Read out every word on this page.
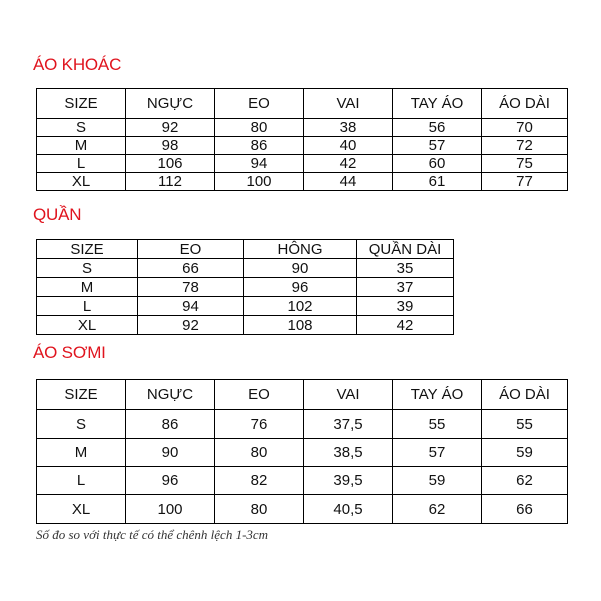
ÁO KHOÁC
SIZE	NGỰC	EO	VAI	TAY ÁO	ÁO DÀI
S	92	80	38	56	70
M	98	86	40	57	72
L	106	94	42	60	75
XL	112	100	44	61	77
QUẦN
SIZE	EO	HÔNG	QUẦN DÀI
S	66	90	35
M	78	96	37
L	94	102	39
XL	92	108	42
ÁO SƠMI
SIZE	NGỰC	EO	VAI	TAY ÁO	ÁO DÀI
S	86	76	37,5	55	55
M	90	80	38,5	57	59
L	96	82	39,5	59	62
XL	100	80	40,5	62	66

Số đo so với thực tế có thể chênh lệch 1-3cm
